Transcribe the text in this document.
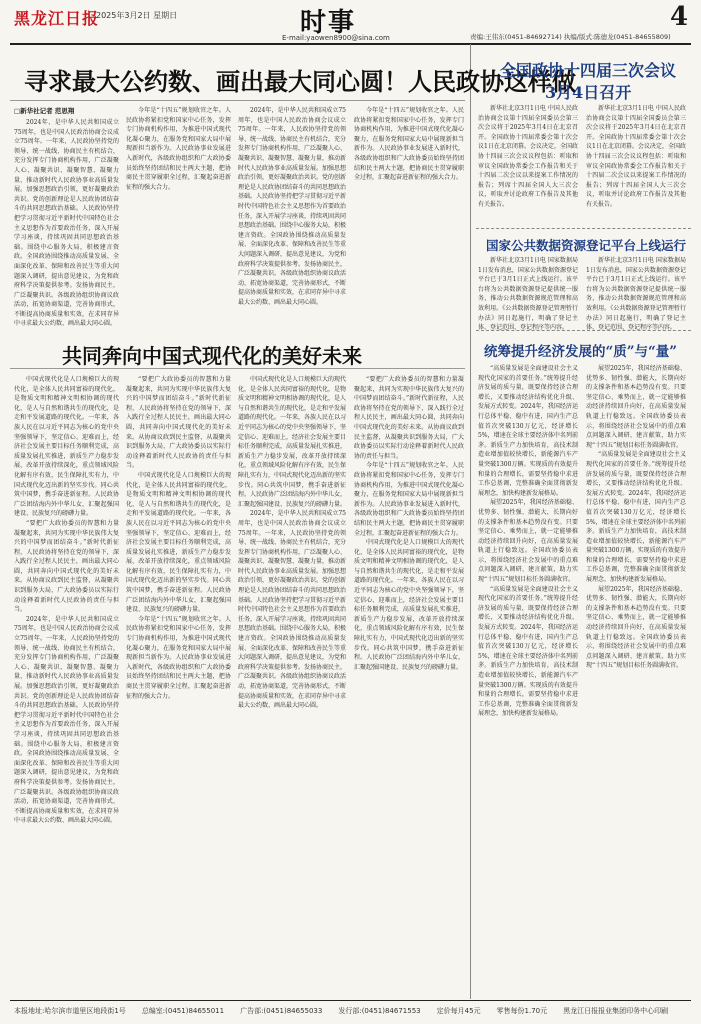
黑龙江日报
2025年3月2日 星期日	时事
E-mail:yaowen8900@sina.com	责编:王伟东(0451-84692714) 执编/版式:陈德龙(0451-84655809)
4
寻求最大公约数、画出最大同心圆！人民政协这样做
□新华社记者 范思翔

2024年，是中华人民共和国成立75周年，也是中国人民政治协商会议成立75周年。一年来，人民政协坚持党的领导、统一战线、协商民主有机结合，充分发挥专门协商机构作用，广泛凝聚人心、凝聚共识、凝聚智慧、凝聚力量，推动新时代人民政协事业高质量发展。加强思想政治引领，更好凝聚政治共识。党的创新理论是人民政协团结奋斗的共同思想政治基础。人民政协坚持把学习贯彻习近平新时代中国特色社会主义思想作为首要政治任务，深入开展学习座谈，持续巩固共同思想政治基础。围绕中心服务大局，积极建言资政。全国政协围绕推动高质量发展、全面深化改革、保障和改善民生等重大问题深入调研，提出意见建议，为党和政府科学决策提供参考。发扬协商民主，广泛凝聚共识。各级政协组织协商议政活动，拓宽协商渠道，完善协商形式，不断提高协商质量和实效，在求同存异中寻求最大公约数、画出最大同心圆。

今年是“十四五”规划收官之年。人民政协将紧扣党和国家中心任务，发挥专门协商机构作用，为推进中国式现代化凝心聚力，在服务党和国家大局中展现新担当新作为。人民政协事业发展进入新时代，各级政协组织和广大政协委员始终坚持团结和民主两大主题，把协商民主贯穿履职全过程，汇聚起奋进新征程的强大合力。

2024年，是中华人民共和国成立75周年，也是中国人民政治协商会议成立75周年。一年来，人民政协坚持党的领导、统一战线、协商民主有机结合，充分发挥专门协商机构作用，广泛凝聚人心、凝聚共识、凝聚智慧、凝聚力量，推动新时代人民政协事业高质量发展。加强思想政治引领，更好凝聚政治共识。党的创新理论是人民政协团结奋斗的共同思想政治基础。人民政协坚持把学习贯彻习近平新时代中国特色社会主义思想作为首要政治任务，深入开展学习座谈，持续巩固共同思想政治基础。围绕中心服务大局，积极建言资政。全国政协围绕推动高质量发展、全面深化改革、保障和改善民生等重大问题深入调研，提出意见建议，为党和政府科学决策提供参考。发扬协商民主，广泛凝聚共识。各级政协组织协商议政活动，拓宽协商渠道，完善协商形式，不断提高协商质量和实效，在求同存异中寻求最大公约数、画出最大同心圆。

今年是“十四五”规划收官之年。人民政协将紧扣党和国家中心任务，发挥专门协商机构作用，为推进中国式现代化凝心聚力，在服务党和国家大局中展现新担当新作为。人民政协事业发展进入新时代，各级政协组织和广大政协委员始终坚持团结和民主两大主题，把协商民主贯穿履职全过程，汇聚起奋进新征程的强大合力。

共同奔向中国式现代化的美好未来

中国式现代化是人口规模巨大的现代化，是全体人民共同富裕的现代化，是物质文明和精神文明相协调的现代化，是人与自然和谐共生的现代化，是走和平发展道路的现代化。一年来，各族人民在以习近平同志为核心的党中央坚强领导下，坚定信心、迎难而上，经济社会发展主要目标任务顺利完成，高质量发展扎实推进，新质生产力稳步发展，改革开放持续深化，重点领域风险化解有序有效，民生保障扎实有力，中国式现代化迈出新的坚实步伐。同心共筑中国梦，携手奋进新征程。人民政协广泛团结海内外中华儿女，汇聚起强国建设、民族复兴的磅礴力量。

“要把广大政协委员的智慧和力量凝聚起来，共同为实现中华民族伟大复兴的中国梦而团结奋斗。”新时代新征程，人民政协将坚持在党的领导下，深入践行全过程人民民主，画出最大同心圆，共同奔向中国式现代化的美好未来。从协商议政到民主监督，从凝聚共识到服务大局，广大政协委员以实际行动诠释着新时代人民政协的责任与担当。

2024年，是中华人民共和国成立75周年，也是中国人民政治协商会议成立75周年。一年来，人民政协坚持党的领导、统一战线、协商民主有机结合，充分发挥专门协商机构作用，广泛凝聚人心、凝聚共识、凝聚智慧、凝聚力量，推动新时代人民政协事业高质量发展。加强思想政治引领，更好凝聚政治共识。党的创新理论是人民政协团结奋斗的共同思想政治基础。人民政协坚持把学习贯彻习近平新时代中国特色社会主义思想作为首要政治任务，深入开展学习座谈，持续巩固共同思想政治基础。围绕中心服务大局，积极建言资政。全国政协围绕推动高质量发展、全面深化改革、保障和改善民生等重大问题深入调研，提出意见建议，为党和政府科学决策提供参考。发扬协商民主，广泛凝聚共识。各级政协组织协商议政活动，拓宽协商渠道，完善协商形式，不断提高协商质量和实效，在求同存异中寻求最大公约数、画出最大同心圆。

“要把广大政协委员的智慧和力量凝聚起来，共同为实现中华民族伟大复兴的中国梦而团结奋斗。”新时代新征程，人民政协将坚持在党的领导下，深入践行全过程人民民主，画出最大同心圆，共同奔向中国式现代化的美好未来。从协商议政到民主监督，从凝聚共识到服务大局，广大政协委员以实际行动诠释着新时代人民政协的责任与担当。

中国式现代化是人口规模巨大的现代化，是全体人民共同富裕的现代化，是物质文明和精神文明相协调的现代化，是人与自然和谐共生的现代化，是走和平发展道路的现代化。一年来，各族人民在以习近平同志为核心的党中央坚强领导下，坚定信心、迎难而上，经济社会发展主要目标任务顺利完成，高质量发展扎实推进，新质生产力稳步发展，改革开放持续深化，重点领域风险化解有序有效，民生保障扎实有力，中国式现代化迈出新的坚实步伐。同心共筑中国梦，携手奋进新征程。人民政协广泛团结海内外中华儿女，汇聚起强国建设、民族复兴的磅礴力量。

今年是“十四五”规划收官之年。人民政协将紧扣党和国家中心任务，发挥专门协商机构作用，为推进中国式现代化凝心聚力，在服务党和国家大局中展现新担当新作为。人民政协事业发展进入新时代，各级政协组织和广大政协委员始终坚持团结和民主两大主题，把协商民主贯穿履职全过程，汇聚起奋进新征程的强大合力。

中国式现代化是人口规模巨大的现代化，是全体人民共同富裕的现代化，是物质文明和精神文明相协调的现代化，是人与自然和谐共生的现代化，是走和平发展道路的现代化。一年来，各族人民在以习近平同志为核心的党中央坚强领导下，坚定信心、迎难而上，经济社会发展主要目标任务顺利完成，高质量发展扎实推进，新质生产力稳步发展，改革开放持续深化，重点领域风险化解有序有效，民生保障扎实有力，中国式现代化迈出新的坚实步伐。同心共筑中国梦，携手奋进新征程。人民政协广泛团结海内外中华儿女，汇聚起强国建设、民族复兴的磅礴力量。

2024年，是中华人民共和国成立75周年，也是中国人民政治协商会议成立75周年。一年来，人民政协坚持党的领导、统一战线、协商民主有机结合，充分发挥专门协商机构作用，广泛凝聚人心、凝聚共识、凝聚智慧、凝聚力量，推动新时代人民政协事业高质量发展。加强思想政治引领，更好凝聚政治共识。党的创新理论是人民政协团结奋斗的共同思想政治基础。人民政协坚持把学习贯彻习近平新时代中国特色社会主义思想作为首要政治任务，深入开展学习座谈，持续巩固共同思想政治基础。围绕中心服务大局，积极建言资政。全国政协围绕推动高质量发展、全面深化改革、保障和改善民生等重大问题深入调研，提出意见建议，为党和政府科学决策提供参考。发扬协商民主，广泛凝聚共识。各级政协组织协商议政活动，拓宽协商渠道，完善协商形式，不断提高协商质量和实效，在求同存异中寻求最大公约数、画出最大同心圆。

“要把广大政协委员的智慧和力量凝聚起来，共同为实现中华民族伟大复兴的中国梦而团结奋斗。”新时代新征程，人民政协将坚持在党的领导下，深入践行全过程人民民主，画出最大同心圆，共同奔向中国式现代化的美好未来。从协商议政到民主监督，从凝聚共识到服务大局，广大政协委员以实际行动诠释着新时代人民政协的责任与担当。

今年是“十四五”规划收官之年。人民政协将紧扣党和国家中心任务，发挥专门协商机构作用，为推进中国式现代化凝心聚力，在服务党和国家大局中展现新担当新作为。人民政协事业发展进入新时代，各级政协组织和广大政协委员始终坚持团结和民主两大主题，把协商民主贯穿履职全过程，汇聚起奋进新征程的强大合力。

中国式现代化是人口规模巨大的现代化，是全体人民共同富裕的现代化，是物质文明和精神文明相协调的现代化，是人与自然和谐共生的现代化，是走和平发展道路的现代化。一年来，各族人民在以习近平同志为核心的党中央坚强领导下，坚定信心、迎难而上，经济社会发展主要目标任务顺利完成，高质量发展扎实推进，新质生产力稳步发展，改革开放持续深化，重点领域风险化解有序有效，民生保障扎实有力，中国式现代化迈出新的坚实步伐。同心共筑中国梦，携手奋进新征程。人民政协广泛团结海内外中华儿女，汇聚起强国建设、民族复兴的磅礴力量。

全国政协十四届三次会议
3月4日召开

新华社北京3月1日电 中国人民政治协商会议第十四届全国委员会第三次会议将于2025年3月4日在北京召开。全国政协十四届常委会第十次会议1日在北京闭幕。会议决定，全国政协十四届三次会议议程包括：听取和审议全国政协常委会工作报告和关于十四届二次会议以来提案工作情况的报告；列席十四届全国人大三次会议，听取并讨论政府工作报告及其他有关报告。

新华社北京3月1日电 中国人民政治协商会议第十四届全国委员会第三次会议将于2025年3月4日在北京召开。全国政协十四届常委会第十次会议1日在北京闭幕。会议决定，全国政协十四届三次会议议程包括：听取和审议全国政协常委会工作报告和关于十四届二次会议以来提案工作情况的报告；列席十四届全国人大三次会议，听取并讨论政府工作报告及其他有关报告。

国家公共数据资源登记平台上线运行

新华社北京3月1日电 国家数据局1日发布消息，国家公共数据资源登记平台已于3月1日正式上线运行。该平台将为公共数据资源登记提供统一服务，推动公共数据资源规范管理和高效利用。《公共数据资源登记管理暂行办法》同日起施行，明确了登记主体、登记范围、登记程序等内容。

新华社北京3月1日电 国家数据局1日发布消息，国家公共数据资源登记平台已于3月1日正式上线运行。该平台将为公共数据资源登记提供统一服务，推动公共数据资源规范管理和高效利用。《公共数据资源登记管理暂行办法》同日起施行，明确了登记主体、登记范围、登记程序等内容。

统筹提升经济发展的“质”与“量”

“高质量发展是全面建设社会主义现代化国家的首要任务。”统筹提升经济发展的质与量，既要保持经济合理增长，又要推动经济结构优化升级、发展方式转变。2024年，我国经济运行总体平稳、稳中有进，国内生产总值首次突破130万亿元，经济增长5%，增速在全球主要经济体中名列前茅。新质生产力加快培育，高技术制造业增加值较快增长，新能源汽车产量突破1300万辆。实现质的有效提升和量的合理增长，需要坚持稳中求进工作总基调，完整准确全面贯彻新发展理念，加快构建新发展格局。

展望2025年，我国经济基础稳、优势多、韧性强、潜能大，长期向好的支撑条件和基本趋势没有变。只要坚定信心、乘势而上，就一定能够推动经济持续回升向好，在高质量发展轨道上行稳致远。全国政协委员表示，将围绕经济社会发展中的重点难点问题深入调研、建言献策，助力实现“十四五”规划目标任务圆满收官。

“高质量发展是全面建设社会主义现代化国家的首要任务。”统筹提升经济发展的质与量，既要保持经济合理增长，又要推动经济结构优化升级、发展方式转变。2024年，我国经济运行总体平稳、稳中有进，国内生产总值首次突破130万亿元，经济增长5%，增速在全球主要经济体中名列前茅。新质生产力加快培育，高技术制造业增加值较快增长，新能源汽车产量突破1300万辆。实现质的有效提升和量的合理增长，需要坚持稳中求进工作总基调，完整准确全面贯彻新发展理念，加快构建新发展格局。

展望2025年，我国经济基础稳、优势多、韧性强、潜能大，长期向好的支撑条件和基本趋势没有变。只要坚定信心、乘势而上，就一定能够推动经济持续回升向好，在高质量发展轨道上行稳致远。全国政协委员表示，将围绕经济社会发展中的重点难点问题深入调研、建言献策，助力实现“十四五”规划目标任务圆满收官。

“高质量发展是全面建设社会主义现代化国家的首要任务。”统筹提升经济发展的质与量，既要保持经济合理增长，又要推动经济结构优化升级、发展方式转变。2024年，我国经济运行总体平稳、稳中有进，国内生产总值首次突破130万亿元，经济增长5%，增速在全球主要经济体中名列前茅。新质生产力加快培育，高技术制造业增加值较快增长，新能源汽车产量突破1300万辆。实现质的有效提升和量的合理增长，需要坚持稳中求进工作总基调，完整准确全面贯彻新发展理念，加快构建新发展格局。

展望2025年，我国经济基础稳、优势多、韧性强、潜能大，长期向好的支撑条件和基本趋势没有变。只要坚定信心、乘势而上，就一定能够推动经济持续回升向好，在高质量发展轨道上行稳致远。全国政协委员表示，将围绕经济社会发展中的重点难点问题深入调研、建言献策，助力实现“十四五”规划目标任务圆满收官。

本报地址:哈尔滨市道里区地段街1号 总编室:(0451)84655011 广告部:(0451)84655033 发行部:(0451)84671553 定价每月45元 零售每份1.70元 黑龙江日报报业集团印务中心印刷
